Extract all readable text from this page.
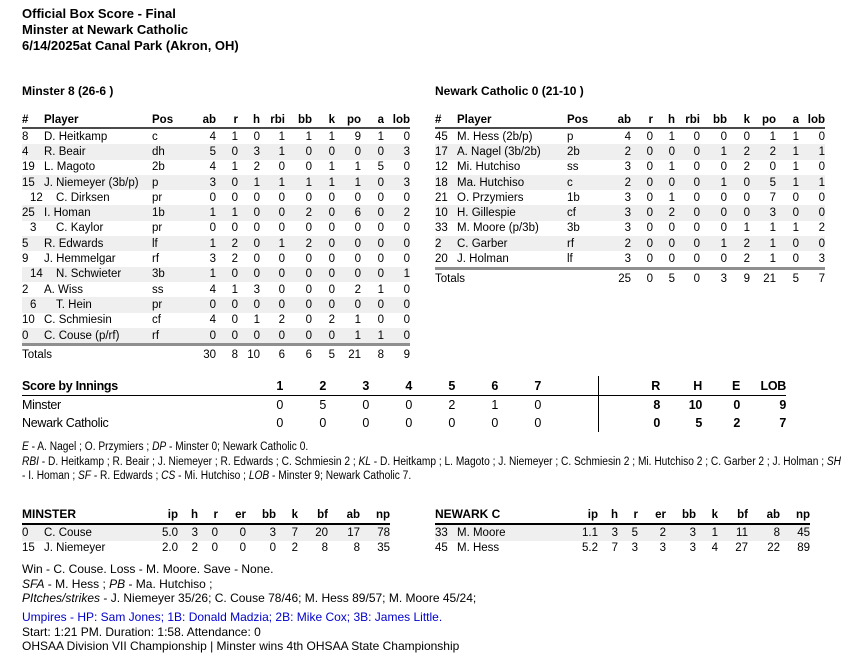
Official Box Score - Final
Minster at Newark Catholic
6/14/2025at Canal Park (Akron, OH)
Minster 8 (26-6 )
#	Player	Pos	ab	r	h	rbi	bb	k	po	a	lob
8	D. Heitkamp	c	4	1	0	1	1	1	9	1	0
4	R. Beair	dh	5	0	3	1	0	0	0	0	3
19	L. Magoto	2b	4	1	2	0	0	1	1	5	0
15	J. Niemeyer (3b/p)	p	3	0	1	1	1	1	1	0	3
12	C. Dirksen	pr	0	0	0	0	0	0	0	0	0
25	I. Homan	1b	1	1	0	0	2	0	6	0	2
3	C. Kaylor	pr	0	0	0	0	0	0	0	0	0
5	R. Edwards	lf	1	2	0	1	2	0	0	0	0
9	J. Hemmelgar	rf	3	2	0	0	0	0	0	0	0
14	N. Schwieter	3b	1	0	0	0	0	0	0	0	1
2	A. Wiss	ss	4	1	3	0	0	0	2	1	0
6	T. Hein	pr	0	0	0	0	0	0	0	0	0
10	C. Schmiesin	cf	4	0	1	2	0	2	1	0	0
0	C. Couse (p/rf)	rf	0	0	0	0	0	0	1	1	0
Totals			30	8	10	6	6	5	21	8	9
Newark Catholic 0 (21-10 )
#	Player	Pos	ab	r	h	rbi	bb	k	po	a	lob
45	M. Hess (2b/p)	p	4	0	1	0	0	0	1	1	0
17	A. Nagel (3b/2b)	2b	2	0	0	0	1	2	2	1	1
12	Mi. Hutchiso	ss	3	0	1	0	0	2	0	1	0
18	Ma. Hutchiso	c	2	0	0	0	1	0	5	1	1
21	O. Przymiers	1b	3	0	1	0	0	0	7	0	0
10	H. Gillespie	cf	3	0	2	0	0	0	3	0	0
33	M. Moore (p/3b)	3b	3	0	0	0	0	1	1	1	2
2	C. Garber	rf	2	0	0	0	1	2	1	0	0
20	J. Holman	lf	3	0	0	0	0	2	1	0	3
Totals			25	0	5	0	3	9	21	5	7
Score by Innings	1	2	3	4	5	6	7		R	H	E	LOB
Minster	0	5	0	0	2	1	0		8	10	0	9
Newark Catholic	0	0	0	0	0	0	0		0	5	2	7
E - A. Nagel ; O. Przymiers ; DP - Minster 0; Newark Catholic 0.
RBI - D. Heitkamp ; R. Beair ; J. Niemeyer ; R. Edwards ; C. Schmiesin 2 ; KL - D. Heitkamp ; L. Magoto ; J. Niemeyer ; C. Schmiesin 2 ; Mi. Hutchiso 2 ; C. Garber 2 ; J. Holman ; SH - I. Homan ; SF - R. Edwards ; CS - Mi. Hutchiso ; LOB - Minster 9; Newark Catholic 7.
MINSTER		ip	h	r	er	bb	k	bf	ab	np
0	C. Couse	5.0	3	0	0	3	7	20	17	78
15	J. Niemeyer	2.0	2	0	0	0	2	8	8	35
NEWARK C		ip	h	r	er	bb	k	bf	ab	np
33	M. Moore	1.1	3	5	2	3	1	11	8	45
45	M. Hess	5.2	7	3	3	3	4	27	22	89
Win - C. Couse. Loss - M. Moore. Save - None.
SFA - M. Hess ; PB - Ma. Hutchiso ;
PItches/strikes - J. Niemeyer 35/26; C. Couse 78/46; M. Hess 89/57; M. Moore 45/24;
Umpires - HP: Sam Jones; 1B: Donald Madzia; 2B: Mike Cox; 3B: James Little.
Start: 1:21 PM. Duration: 1:58. Attendance: 0
OHSAA Division VII Championship | Minster wins 4th OHSAA State Championship
